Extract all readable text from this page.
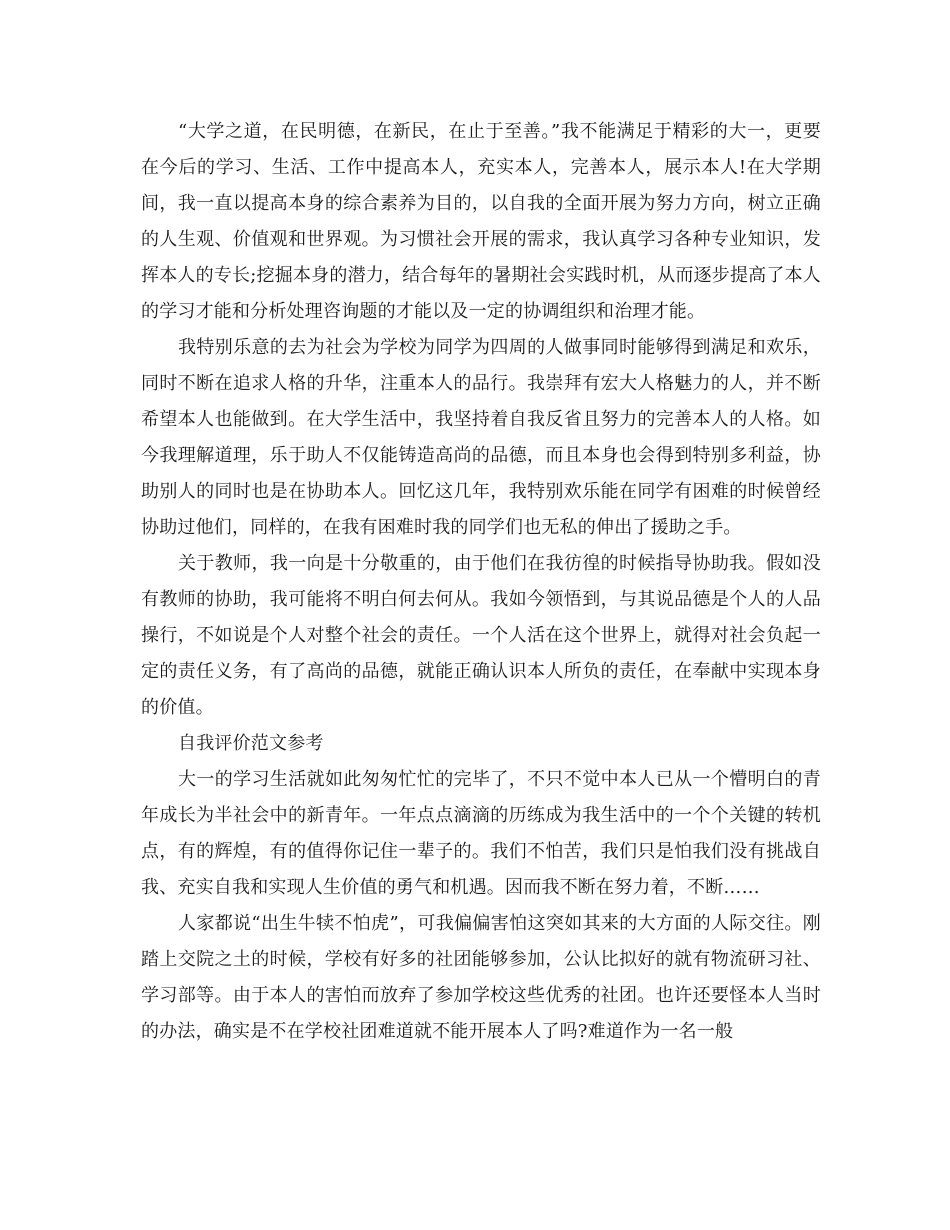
“大学之道，在民明德，在新民，在止于至善。”我不能满足于精彩的大一，更要在今后的学习、生活、工作中提高本人，充实本人，完善本人，展示本人!在大学期间，我一直以提高本身的综合素养为目的，以自我的全面开展为努力方向，树立正确的人生观、价值观和世界观。为习惯社会开展的需求，我认真学习各种专业知识，发挥本人的专长;挖掘本身的潜力，结合每年的暑期社会实践时机，从而逐步提高了本人的学习才能和分析处理咨询题的才能以及一定的协调组织和治理才能。

我特别乐意的去为社会为学校为同学为四周的人做事同时能够得到满足和欢乐，同时不断在追求人格的升华，注重本人的品行。我崇拜有宏大人格魅力的人，并不断希望本人也能做到。在大学生活中，我坚持着自我反省且努力的完善本人的人格。如今我理解道理，乐于助人不仅能铸造高尚的品德，而且本身也会得到特别多利益，协助别人的同时也是在协助本人。回忆这几年，我特别欢乐能在同学有困难的时候曾经协助过他们，同样的，在我有困难时我的同学们也无私的伸出了援助之手。

关于教师，我一向是十分敬重的，由于他们在我彷徨的时候指导协助我。假如没有教师的协助，我可能将不明白何去何从。我如今领悟到，与其说品德是个人的人品操行，不如说是个人对整个社会的责任。一个人活在这个世界上，就得对社会负起一定的责任义务，有了高尚的品德，就能正确认识本人所负的责任，在奉献中实现本身的价值。

自我评价范文参考

大一的学习生活就如此匆匆忙忙的完毕了，不只不觉中本人已从一个懵明白的青年成长为半社会中的新青年。一年点点滴滴的历练成为我生活中的一个个关键的转机点，有的辉煌，有的值得你记住一辈子的。我们不怕苦，我们只是怕我们没有挑战自我、充实自我和实现人生价值的勇气和机遇。因而我不断在努力着，不断……

人家都说“出生牛犊不怕虎”，可我偏偏害怕这突如其来的大方面的人际交往。刚踏上交院之土的时候，学校有好多的社团能够参加，公认比拟好的就有物流研习社、学习部等。由于本人的害怕而放弃了参加学校这些优秀的社团。也许还要怪本人当时的办法，确实是不在学校社团难道就不能开展本人了吗?难道作为一名一般
